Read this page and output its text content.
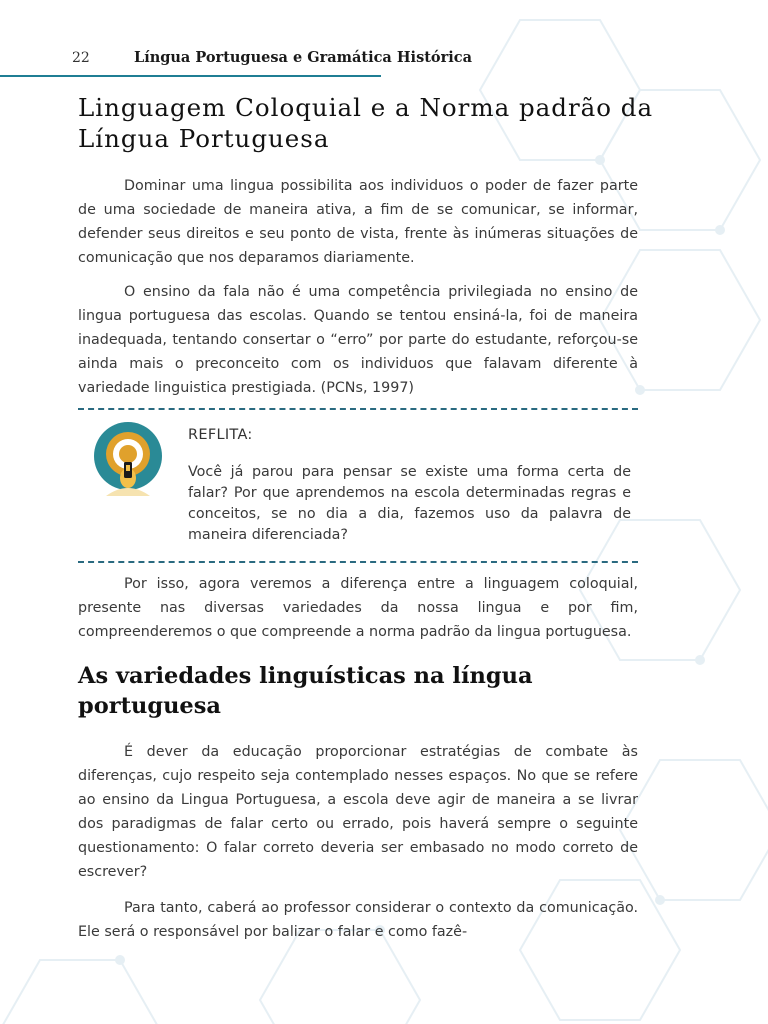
22	Língua Portuguesa e Gramática Histórica
Linguagem Coloquial e a Norma padrão da Língua Portuguesa

Dominar uma lingua possibilita aos individuos o poder de fazer parte de uma sociedade de maneira ativa, a fim de se comunicar, se informar, defender seus direitos e seu ponto de vista, frente às inúmeras situações de comunicação que nos deparamos diariamente.

O ensino da fala não é uma competência privilegiada no ensino de lingua portuguesa das escolas. Quando se tentou ensiná-la, foi de maneira inadequada, tentando consertar o “erro” por parte do estudante, reforçou-se ainda mais o preconceito com os individuos que falavam diferente à variedade linguistica prestigiada. (PCNs, 1997)

REFLITA:

Você já parou para pensar se existe uma forma certa de falar? Por que aprendemos na escola determinadas regras e conceitos, se no dia a dia, fazemos uso da palavra de maneira diferenciada?

Por isso, agora veremos a diferença entre a linguagem coloquial, presente nas diversas variedades da nossa lingua e por fim, compreenderemos o que compreende a norma padrão da lingua portuguesa.

As variedades linguísticas na língua portuguesa

É dever da educação proporcionar estratégias de combate às diferenças, cujo respeito seja contemplado nesses espaços. No que se refere ao ensino da Lingua Portuguesa, a escola deve agir de maneira a se livrar dos paradigmas de falar certo ou errado, pois haverá sempre o seguinte questionamento: O falar correto deveria ser embasado no modo correto de escrever?

Para tanto, caberá ao professor considerar o contexto da comunicação. Ele será o responsável por balizar o falar e como fazê-
